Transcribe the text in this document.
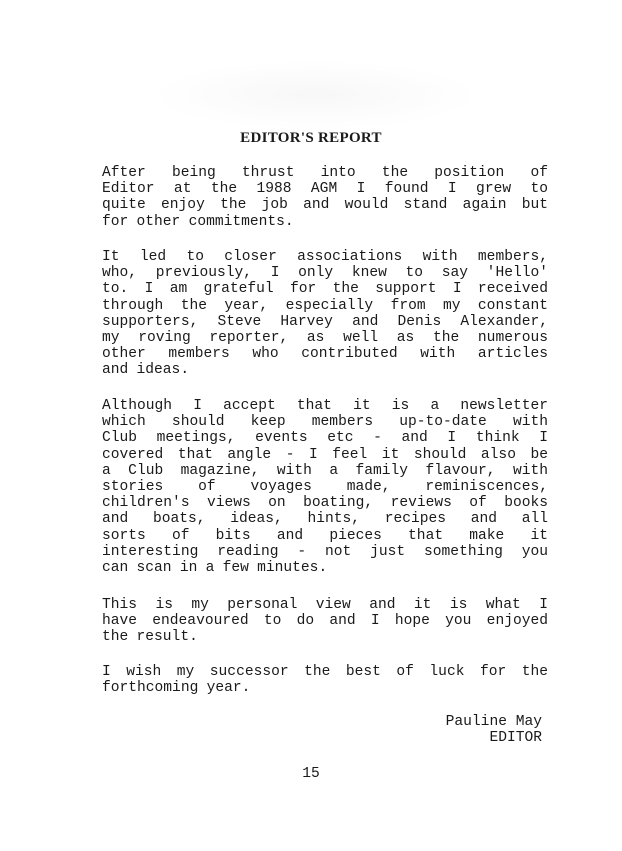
EDITOR'S REPORT
After being thrust into the position of
Editor at the 1988 AGM I found I grew to
quite enjoy the job and would stand again but
for other commitments.
It led to closer associations with members,
who, previously, I only knew to say 'Hello'
to. I am grateful for the support I received
through the year, especially from my constant
supporters, Steve Harvey and Denis Alexander,
my roving reporter, as well as the numerous
other members who contributed with articles
and ideas.
Although I accept that it is a newsletter
which should keep members up-to-date with
Club meetings, events etc - and I think I
covered that angle - I feel it should also be
a Club magazine, with a family flavour, with
stories of voyages made, reminiscences,
children's views on boating, reviews of books
and boats, ideas, hints, recipes and all
sorts of bits and pieces that make it
interesting reading - not just something you
can scan in a few minutes.
This is my personal view and it is what I
have endeavoured to do and I hope you enjoyed
the result.
I wish my successor the best of luck for the
forthcoming year.
Pauline May
EDITOR
15
